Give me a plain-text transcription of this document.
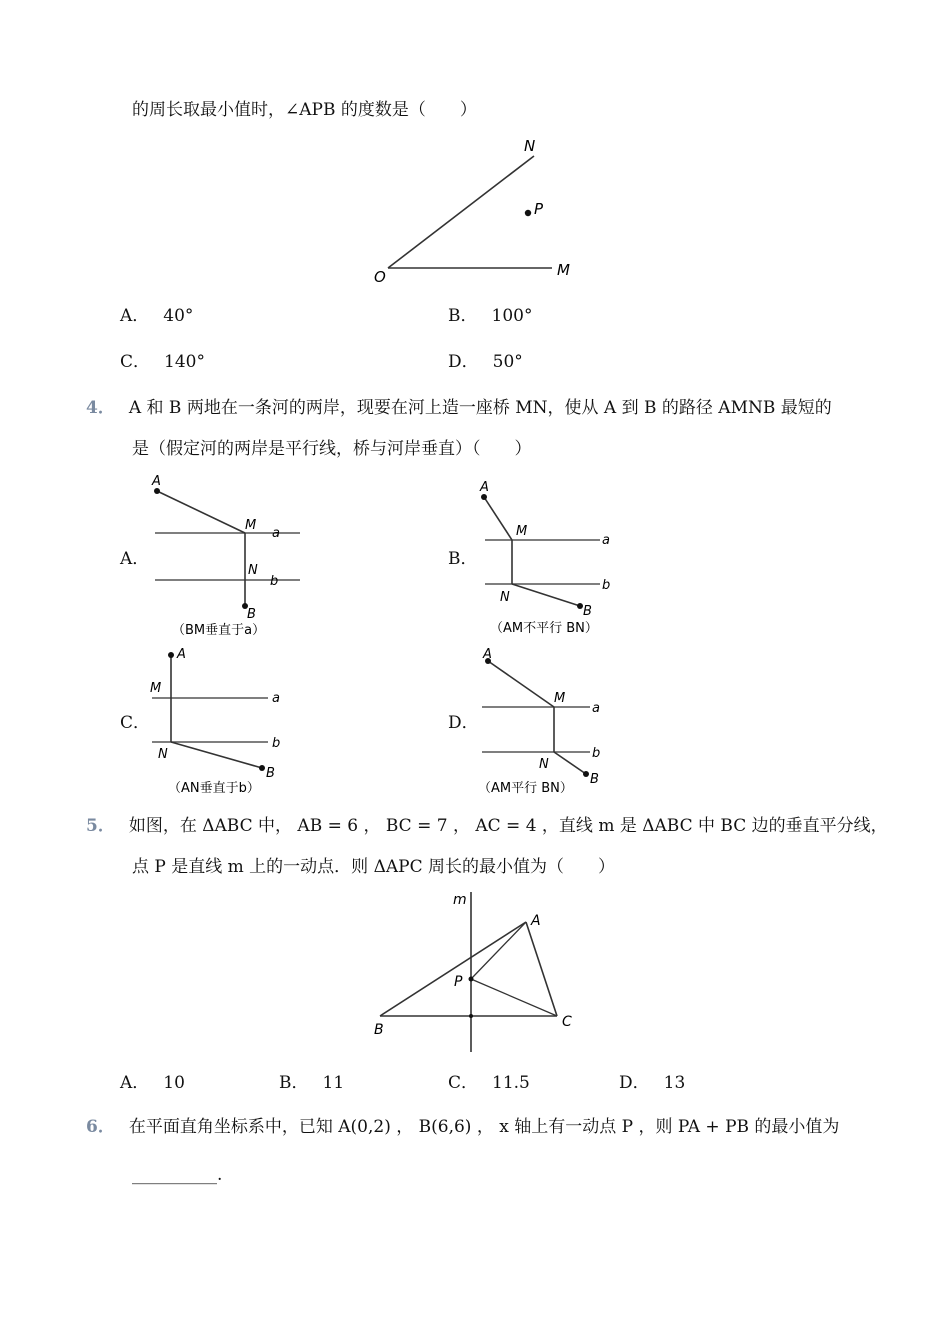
的周长取最小值时，∠APB 的度数是（　　）
N
P
O	M
A． 40°	B． 100°
C． 140°	D． 50°
4． A 和 B 两地在一条河的两岸，现要在河上造一座桥 MN，使从 A 到 B 的路径 AMNB 最短的
是（假定河的两岸是平行线，桥与河岸垂直）（　　）
A．
A
M
a
N
b
B
（BM垂直于a）
B．
A
M
a
N
b
B
（AM不平行 BN）
C．
A
M
a
N
b
B
（AN垂直于b）
D．
A
M
a
N
b
B
（AM平行 BN）
5． 如图，在 ΔABC 中， AB = 6 ， BC = 7 ， AC = 4 ，直线 m 是 ΔABC 中 BC 边的垂直平分线，
点 P 是直线 m 上的一动点．则 ΔAPC 周长的最小值为（　　）
m
A
P
B	C
A． 10	B． 11	C． 11.5	D． 13
6． 在平面直角坐标系中，已知 A(0,2) ， B(6,6) ， x 轴上有一动点 P ，则 PA + PB 的最小值为
__________.
